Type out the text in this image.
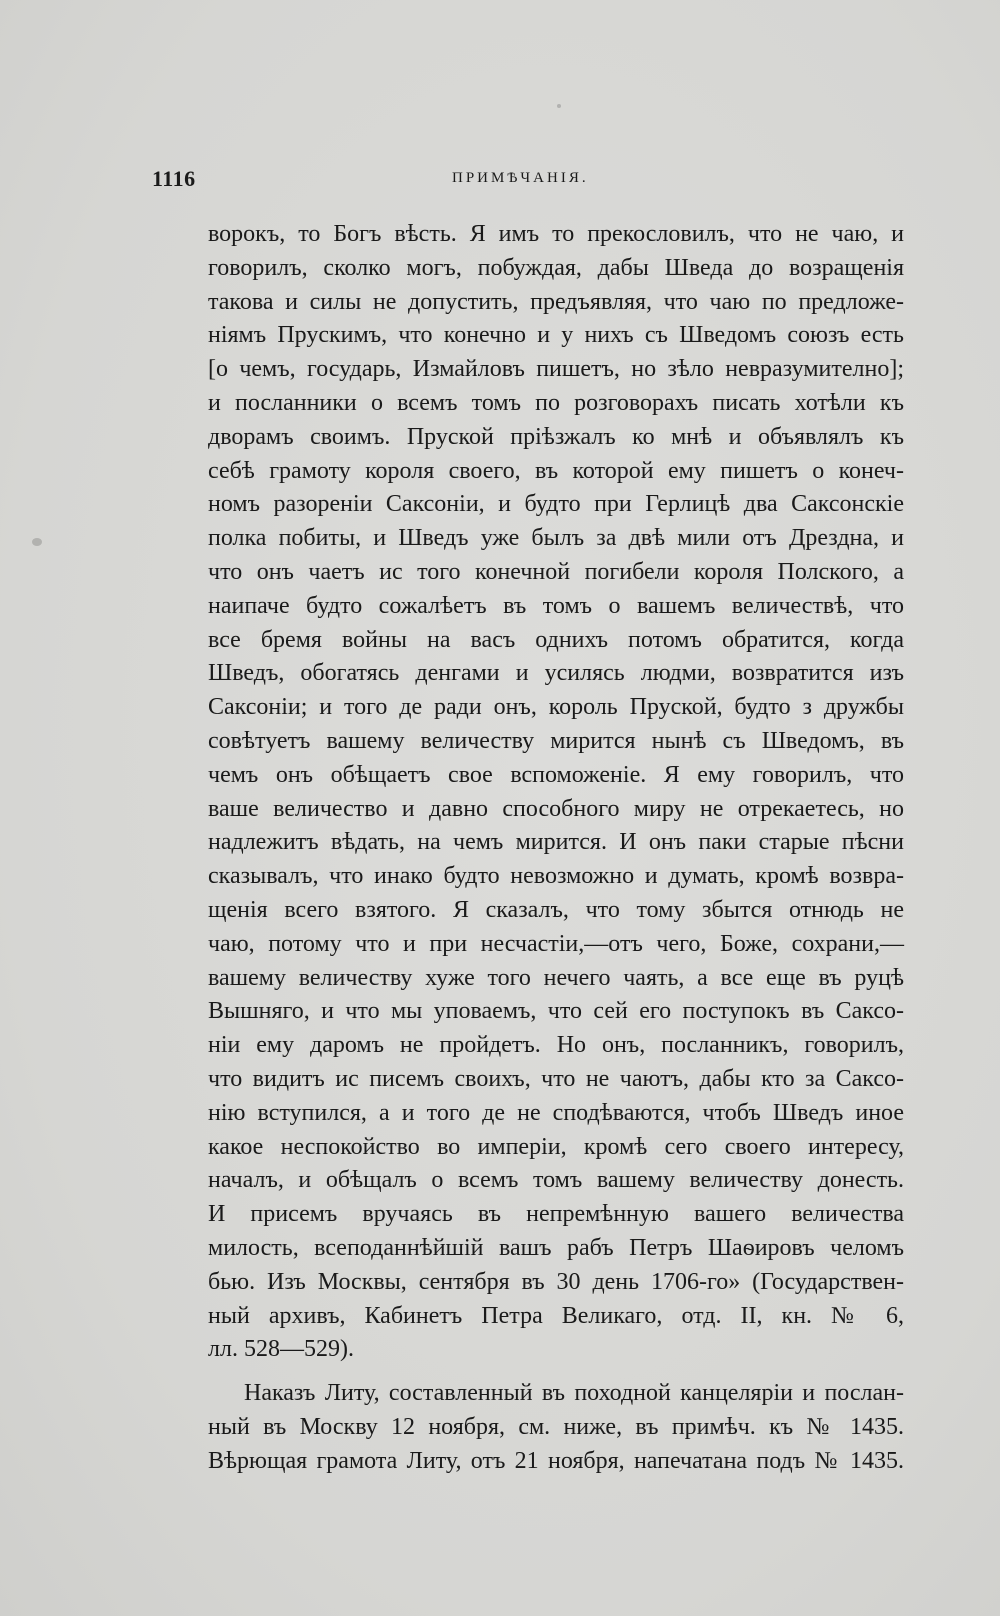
1116	ПРИМѢЧАНІЯ.
ворокъ, то Богъ вѣсть. Я имъ то прекословилъ, что не чаю, и
говорилъ, сколко могъ, побуждая, дабы Шведа до возращенія
такова и силы не допустить, предъявляя, что чаю по предложе-
ніямъ Прускимъ, что конечно и у нихъ съ Шведомъ союзъ есть
[о чемъ, государь, Измайловъ пишетъ, но зѣло невразумително];
и посланники о всемъ томъ по розговорахъ писать хотѣли къ
дворамъ своимъ. Пруской пріѣзжалъ ко мнѣ и объявлялъ къ
себѣ грамоту короля своего, въ которой ему пишетъ о конеч-
номъ разореніи Саксоніи, и будто при Герлицѣ два Саксонскіе
полка побиты, и Шведъ уже былъ за двѣ мили отъ Дрездна, и
что онъ чаетъ ис того конечной погибели короля Полского, а
наипаче будто сожалѣетъ въ томъ о вашемъ величествѣ, что
все бремя войны на васъ однихъ потомъ обратится, когда
Шведъ, обогатясь денгами и усилясь людми, возвратится изъ
Саксоніи; и того де ради онъ, король Пруской, будто з дружбы
совѣтуетъ вашему величеству мирится нынѣ съ Шведомъ, въ
чемъ онъ обѣщаетъ свое вспоможеніе. Я ему говорилъ, что
ваше величество и давно способного миру не отрекаетесь, но
надлежитъ вѣдать, на чемъ мирится. И онъ паки старые пѣсни
сказывалъ, что инако будто невозможно и думать, кромѣ возвра-
щенія всего взятого. Я сказалъ, что тому збытся отнюдь не
чаю, потому что и при несчастіи,—отъ чего, Боже, сохрани,—
вашему величеству хуже того нечего чаять, а все еще въ руцѣ
Вышняго, и что мы уповаемъ, что сей его поступокъ въ Саксо-
ніи ему даромъ не пройдетъ. Но онъ, посланникъ, говорилъ,
что видитъ ис писемъ своихъ, что не чаютъ, дабы кто за Саксо-
нію вступился, а и того де не сподѣваются, чтобъ Шведъ иное
какое неспокойство во имперіи, кромѣ сего своего интересу,
началъ, и обѣщалъ о всемъ томъ вашему величеству донесть.
И присемъ вручаясь въ непремѣнную вашего величества
милость, всеподаннѣйшій вашъ рабъ Петръ Шаѳировъ челомъ
бью. Изъ Москвы, сентября въ 30 день 1706-го» (Государствен-
ный архивъ, Кабинетъ Петра Великаго, отд. II, кн. № 6,
лл. 528—529).
Наказъ Литу, составленный въ походной канцеляріи и послан-
ный въ Москву 12 ноября, см. ниже, въ примѣч. къ № 1435.
Вѣрющая грамота Литу, отъ 21 ноября, напечатана подъ № 1435.
